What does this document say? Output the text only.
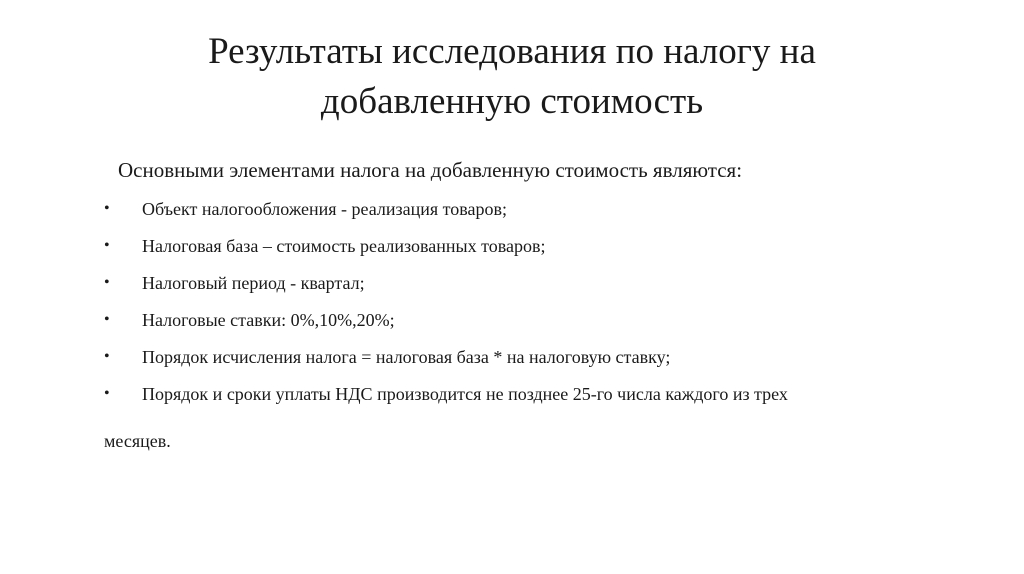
Результаты исследования по налогу на
добавленную стоимость

Основными элементами налога на добавленную стоимость являются:

• Объект налогообложения - реализация товаров;
• Налоговая база – стоимость реализованных товаров;
• Налоговый период - квартал;
• Налоговые ставки: 0%,10%,20%;
• Порядок исчисления налога = налоговая база * на налоговую ставку;
• Порядок и сроки уплаты НДС производится не позднее 25-го числа каждого из трех

месяцев.
